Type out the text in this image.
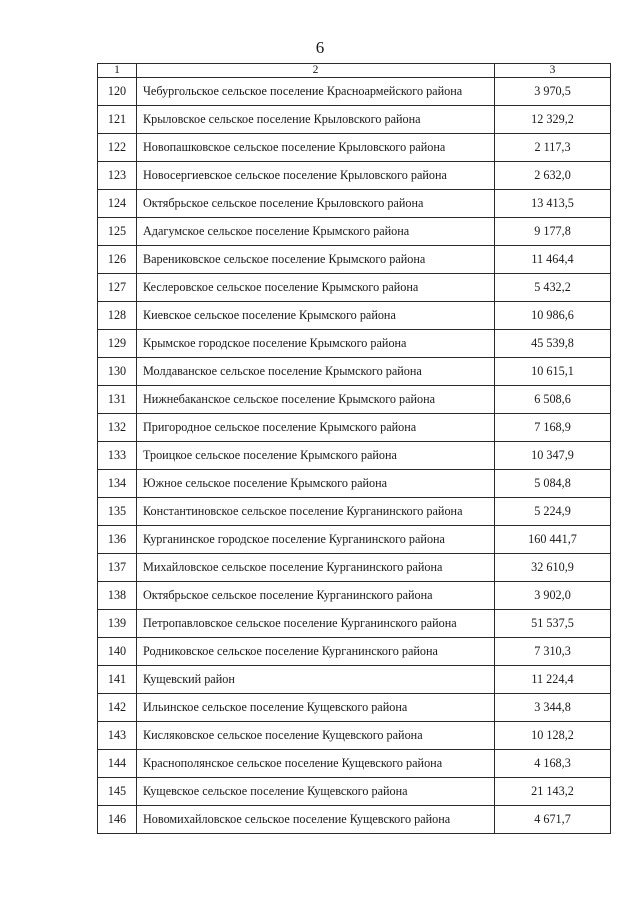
6
1	2	3
120	Чебургольское сельское поселение Красноармейского района	3 970,5
121	Крыловское сельское поселение Крыловского района	12 329,2
122	Новопашковское сельское поселение Крыловского района	2 117,3
123	Новосергиевское сельское поселение Крыловского района	2 632,0
124	Октябрьское сельское поселение Крыловского района	13 413,5
125	Адагумское сельское поселение Крымского района	9 177,8
126	Варениковское сельское поселение Крымского района	11 464,4
127	Кеслеровское сельское поселение Крымского района	5 432,2
128	Киевское сельское поселение Крымского района	10 986,6
129	Крымское городское поселение Крымского района	45 539,8
130	Молдаванское сельское поселение Крымского района	10 615,1
131	Нижнебаканское сельское поселение Крымского района	6 508,6
132	Пригородное сельское поселение Крымского района	7 168,9
133	Троицкое сельское поселение Крымского района	10 347,9
134	Южное сельское поселение Крымского района	5 084,8
135	Константиновское сельское поселение Курганинского района	5 224,9
136	Курганинское городское поселение Курганинского района	160 441,7
137	Михайловское сельское поселение Курганинского района	32 610,9
138	Октябрьское сельское поселение Курганинского района	3 902,0
139	Петропавловское сельское поселение Курганинского района	51 537,5
140	Родниковское сельское поселение Курганинского района	7 310,3
141	Кущевский район	11 224,4
142	Ильинское сельское поселение Кущевского района	3 344,8
143	Кисляковское сельское поселение Кущевского района	10 128,2
144	Краснополянское сельское поселение Кущевского района	4 168,3
145	Кущевское сельское поселение Кущевского района	21 143,2
146	Новомихайловское сельское поселение Кущевского района	4 671,7
